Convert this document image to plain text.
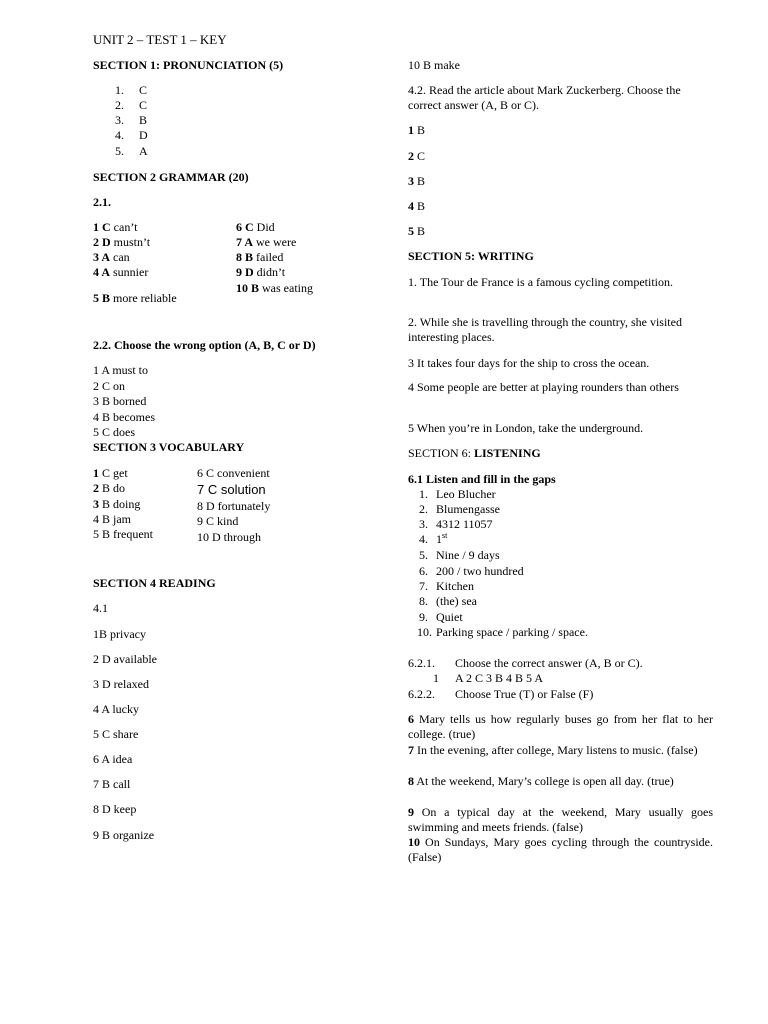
UNIT 2 – TEST 1 – KEY
SECTION 1: PRONUNCIATION (5)
1. C
2. C
3. B
4. D
5. A
SECTION 2 GRAMMAR (20)
2.1.
1 C can’t
2 D mustn’t
3 A can
4 A sunnier
5 B more reliable
6 C Did
7 A we were
8 B failed
9 D didn’t
10 B was eating
2.2. Choose the wrong option (A, B, C or D)
1 A must to
2 C on
3 B borned
4 B becomes
5 C does
SECTION 3 VOCABULARY
1 C get
2 B do
3 B doing
4 B jam
5 B frequent
6 C convenient
7 C solution
8 D fortunately
9 C kind
10 D through
SECTION 4 READING
4.1
1B privacy
2 D available
3 D relaxed
4 A lucky
5 C share
6 A idea
7 B call
8 D keep
9 B organize
10 B make
4.2. Read the article about Mark Zuckerberg. Choose the correct answer (A, B or C).
1 B
2 C
3 B
4 B
5 B
SECTION 5: WRITING
1. The Tour de France is a famous cycling competition.
2. While she is travelling through the country, she visited interesting places.
3 It takes four days for the ship to cross the ocean.
4 Some people are better at playing rounders than others
5 When you’re in London, take the underground.
SECTION 6: LISTENING
6.1 Listen and fill in the gaps
1. Leo Blucher
2. Blumengasse
3. 4312 11057
4. 1st
5. Nine / 9 days
6. 200 / two hundred
7. Kitchen
8. (the) sea
9. Quiet
10. Parking space / parking / space.
6.2.1. Choose the correct answer (A, B or C).
1 A 2 C 3 B 4 B 5 A
6.2.2. Choose True (T) or False (F)
6 Mary tells us how regularly buses go from her flat to her college. (true)
7 In the evening, after college, Mary listens to music. (false)
8 At the weekend, Mary’s college is open all day. (true)
9 On a typical day at the weekend, Mary usually goes swimming and meets friends. (false)
10 On Sundays, Mary goes cycling through the countryside. (False)
